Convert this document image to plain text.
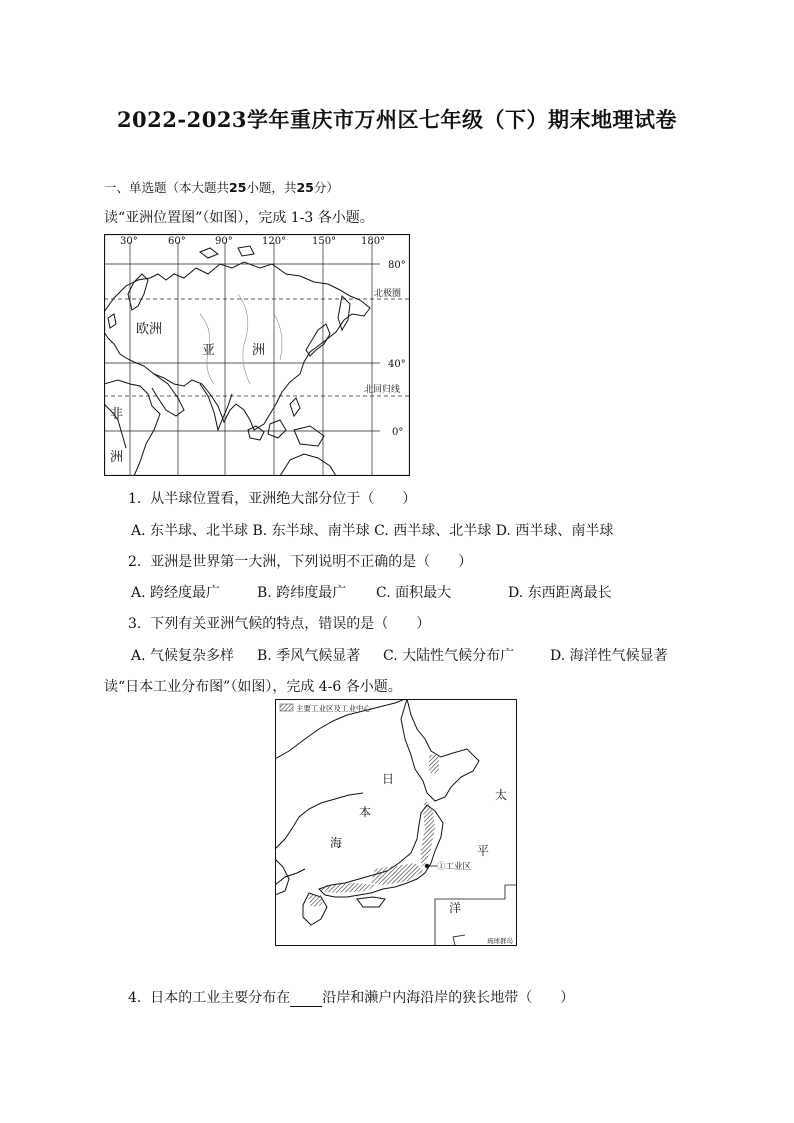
2022-2023学年重庆市万州区七年级（下）期末地理试卷
一、单选题（本大题共25小题，共25分）
读“亚洲位置图”（如图），完成 1-3 各小题。
30°	60°	90°	120°	150° 180°
80°
40°
0°
北极圈
北回归线
欧洲
亚	洲
非
洲
1. 从半球位置看，亚洲绝大部分位于（　　）
A. 东半球、北半球 B. 东半球、南半球 C. 西半球、北半球 D. 西半球、南半球
2. 亚洲是世界第一大洲，下列说明不正确的是（　　）
A. 跨经度最广	B. 跨纬度最广 C. 面积最大	D. 东西距离最长
3. 下列有关亚洲气候的特点，错误的是（　　）
A. 气候复杂多样 B. 季风气候显著 C. 大陆性气候分布广	D. 海洋性气候显著
读“日本工业分布图”（如图），完成 4-6 各小题。
主要工业区及工业中心
琉球群岛
①工业区
日
本
海
太
平
洋
4. 日本的工业主要分布在 沿岸和濑户内海沿岸的狭长地带（　　）
